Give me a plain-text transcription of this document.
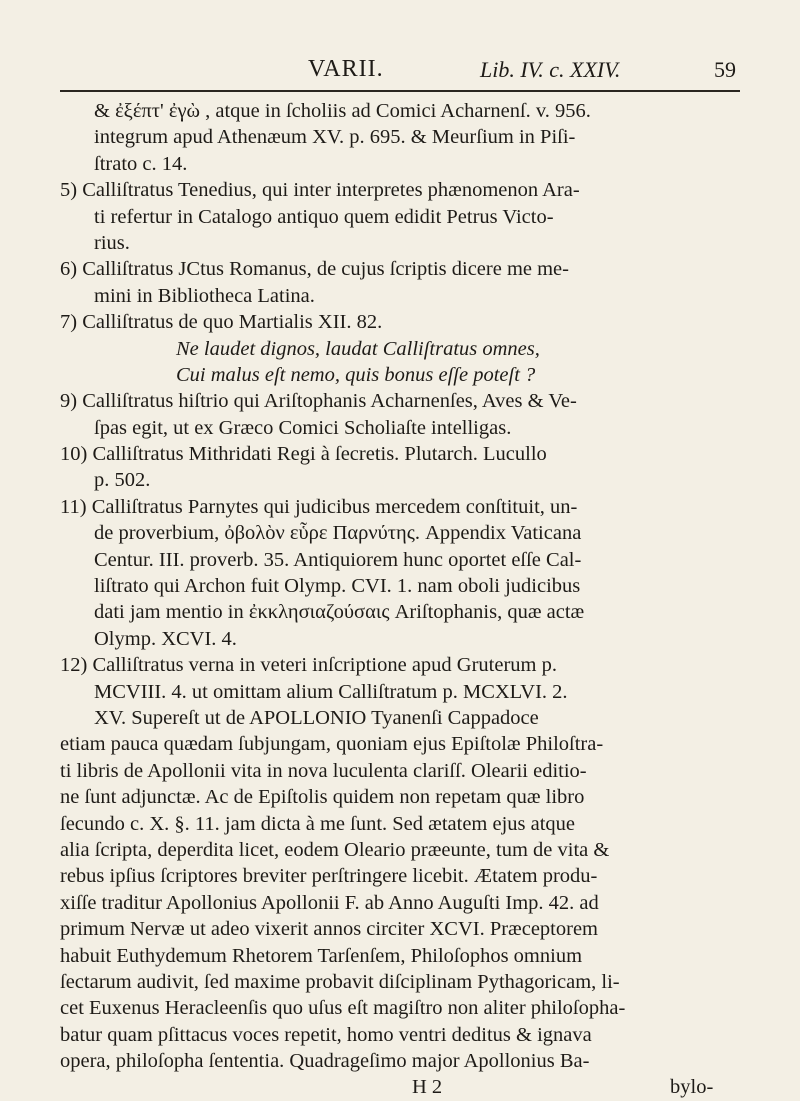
VARII.	Lib. IV. c. XXIV.	59
& ἐξέπτ' ἐγὼ , atque in ſcholiis ad Comici Acharnenſ. v. 956.
integrum apud Athenæum XV. p. 695. & Meurſium in Piſi-
ſtrato c. 14.
5) Calliſtratus Tenedius, qui inter interpretes phænomenon Ara-
ti refertur in Catalogo antiquo quem edidit Petrus Victo-
rius.
6) Calliſtratus JCtus Romanus, de cujus ſcriptis dicere me me-
mini in Bibliotheca Latina.
7) Calliſtratus de quo Martialis XII. 82.
Ne laudet dignos, laudat Calliſtratus omnes,
Cui malus eſt nemo, quis bonus eſſe poteſt ?
9) Calliſtratus hiſtrio qui Ariſtophanis Acharnenſes, Aves & Ve-
ſpas egit, ut ex Græco Comici Scholiaſte intelligas.
10) Calliſtratus Mithridati Regi à ſecretis. Plutarch. Lucullo
p. 502.
11) Calliſtratus Parnytes qui judicibus mercedem conſtituit, un-
de proverbium, ὀβολὸν εὗρε Παρνύτης. Appendix Vaticana
Centur. III. proverb. 35. Antiquiorem hunc oportet eſſe Cal-
liſtrato qui Archon fuit Olymp. CVI. 1. nam oboli judicibus
dati jam mentio in ἐκκλησιαζούσαις Ariſtophanis, quæ actæ
Olymp. XCVI. 4.
12) Calliſtratus verna in veteri inſcriptione apud Gruterum p.
MCVIII. 4. ut omittam alium Calliſtratum p. MCXLVI. 2.
XV. Supereſt ut de APOLLONIO Tyanenſi Cappadoce
etiam pauca quædam ſubjungam, quoniam ejus Epiſtolæ Philoſtra-
ti libris de Apollonii vita in nova luculenta clariſſ. Olearii editio-
ne ſunt adjunctæ. Ac de Epiſtolis quidem non repetam quæ libro
ſecundo c. X. §. 11. jam dicta à me ſunt. Sed ætatem ejus atque
alia ſcripta, deperdita licet, eodem Oleario præeunte, tum de vita &
rebus ipſius ſcriptores breviter perſtringere licebit. Ætatem produ-
xiſſe traditur Apollonius Apollonii F. ab Anno Auguſti Imp. 42. ad
primum Nervæ ut adeo vixerit annos circiter XCVI. Præceptorem
habuit Euthydemum Rhetorem Tarſenſem, Philoſophos omnium
ſectarum audivit, ſed maxime probavit diſciplinam Pythagoricam, li-
cet Euxenus Heracleenſis quo uſus eſt magiſtro non aliter philoſopha-
batur quam pſittacus voces repetit, homo ventri deditus & ignava
opera, philoſopha ſententia. Quadrageſimo major Apollonius Ba-
H 2	bylo-
